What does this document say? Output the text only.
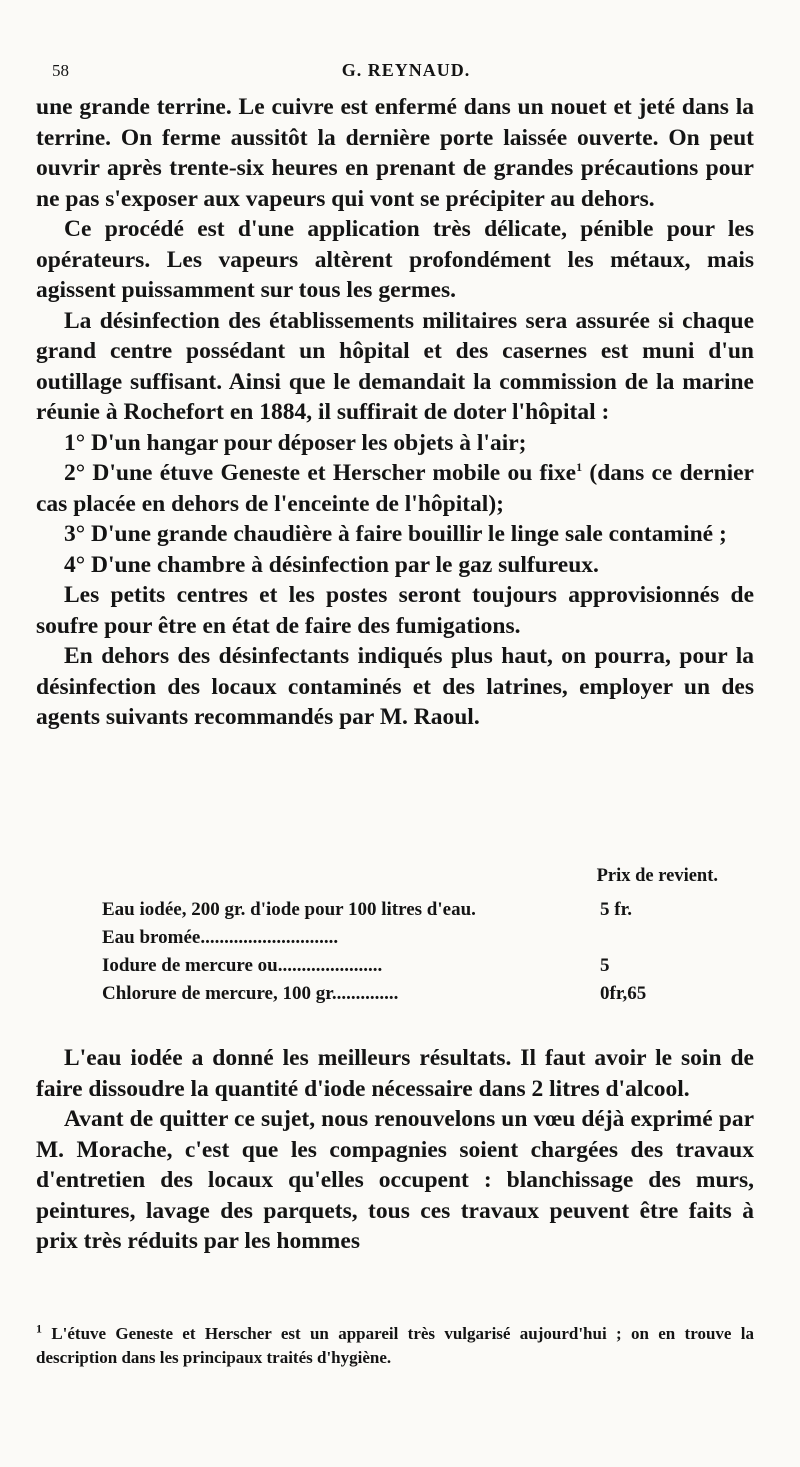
58	G. REYNAUD.

une grande terrine. Le cuivre est enfermé dans un nouet et jeté dans la terrine. On ferme aussitôt la dernière porte laissée ouverte. On peut ouvrir après trente-six heures en prenant de grandes précautions pour ne pas s'exposer aux vapeurs qui vont se précipiter au dehors.

Ce procédé est d'une application très délicate, pénible pour les opérateurs. Les vapeurs altèrent profondément les métaux, mais agissent puissamment sur tous les germes.

La désinfection des établissements militaires sera assurée si chaque grand centre possédant un hôpital et des casernes est muni d'un outillage suffisant. Ainsi que le demandait la commission de la marine réunie à Rochefort en 1884, il suffirait de doter l'hôpital :

1° D'un hangar pour déposer les objets à l'air;

2° D'une étuve Geneste et Herscher mobile ou fixe$^1$ (dans ce dernier cas placée en dehors de l'enceinte de l'hôpital);

3° D'une grande chaudière à faire bouillir le linge sale contaminé ;

4° D'une chambre à désinfection par le gaz sulfureux.

Les petits centres et les postes seront toujours approvisionnés de soufre pour être en état de faire des fumigations.

En dehors des désinfectants indiqués plus haut, on pourra, pour la désinfection des locaux contaminés et des latrines, employer un des agents suivants recommandés par M. Raoul.

Prix de revient.
Eau iodée, 200 gr. d'iode pour 100 litres d'eau.	5 fr.
Eau bromée.............................
Iodure de mercure ou......................	5
Chlorure de mercure, 100 gr..............	0fr,65

L'eau iodée a donné les meilleurs résultats. Il faut avoir le soin de faire dissoudre la quantité d'iode nécessaire dans 2 litres d'alcool.

Avant de quitter ce sujet, nous renouvelons un vœu déjà exprimé par M. Morache, c'est que les compagnies soient chargées des travaux d'entretien des locaux qu'elles occupent : blanchissage des murs, peintures, lavage des parquets, tous ces travaux peuvent être faits à prix très réduits par les hommes

$^1$ L'étuve Geneste et Herscher est un appareil très vulgarisé aujourd'hui ; on en trouve la description dans les principaux traités d'hygiène.
